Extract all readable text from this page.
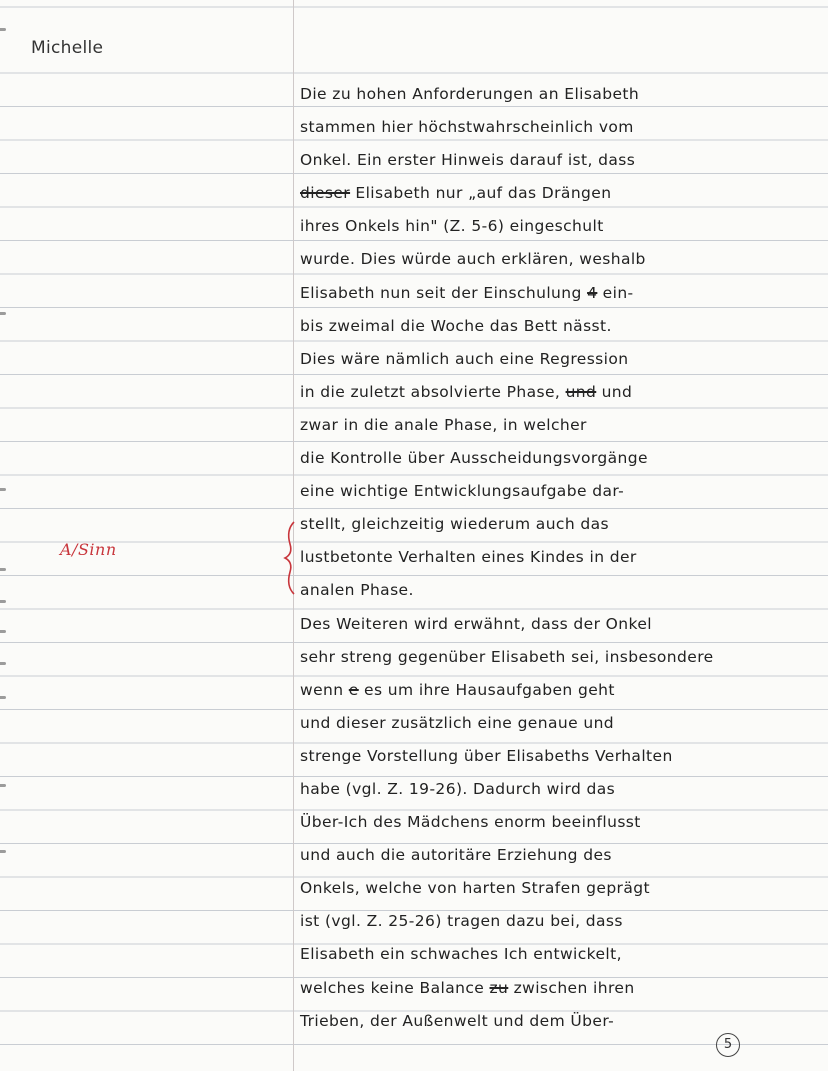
Michelle
A/Sinn
Die zu hohen Anforderungen an Elisabeth
stammen hier höchstwahrscheinlich vom
Onkel. Ein erster Hinweis darauf ist, dass
dieser Elisabeth nur „auf das Drängen
ihres Onkels hin" (Z. 5-6) eingeschult
wurde. Dies würde auch erklären, weshalb
Elisabeth nun seit der Einschulung 4 ein-
bis zweimal die Woche das Bett nässt.
Dies wäre nämlich auch eine Regression
in die zuletzt absolvierte Phase, und und
zwar in die anale Phase, in welcher
die Kontrolle über Ausscheidungsvorgänge
eine wichtige Entwicklungsaufgabe dar-
stellt, gleichzeitig wiederum auch das
lustbetonte Verhalten eines Kindes in der
analen Phase.
Des Weiteren wird erwähnt, dass der Onkel
sehr streng gegenüber Elisabeth sei, insbesondere
wenn e es um ihre Hausaufgaben geht
und dieser zusätzlich eine genaue und
strenge Vorstellung über Elisabeths Verhalten
habe (vgl. Z. 19-26). Dadurch wird das
Über-Ich des Mädchens enorm beeinflusst
und auch die autoritäre Erziehung des
Onkels, welche von harten Strafen geprägt
ist (vgl. Z. 25-26) tragen dazu bei, dass
Elisabeth ein schwaches Ich entwickelt,
welches keine Balance zu zwischen ihren
Trieben, der Außenwelt und dem Über-
5
